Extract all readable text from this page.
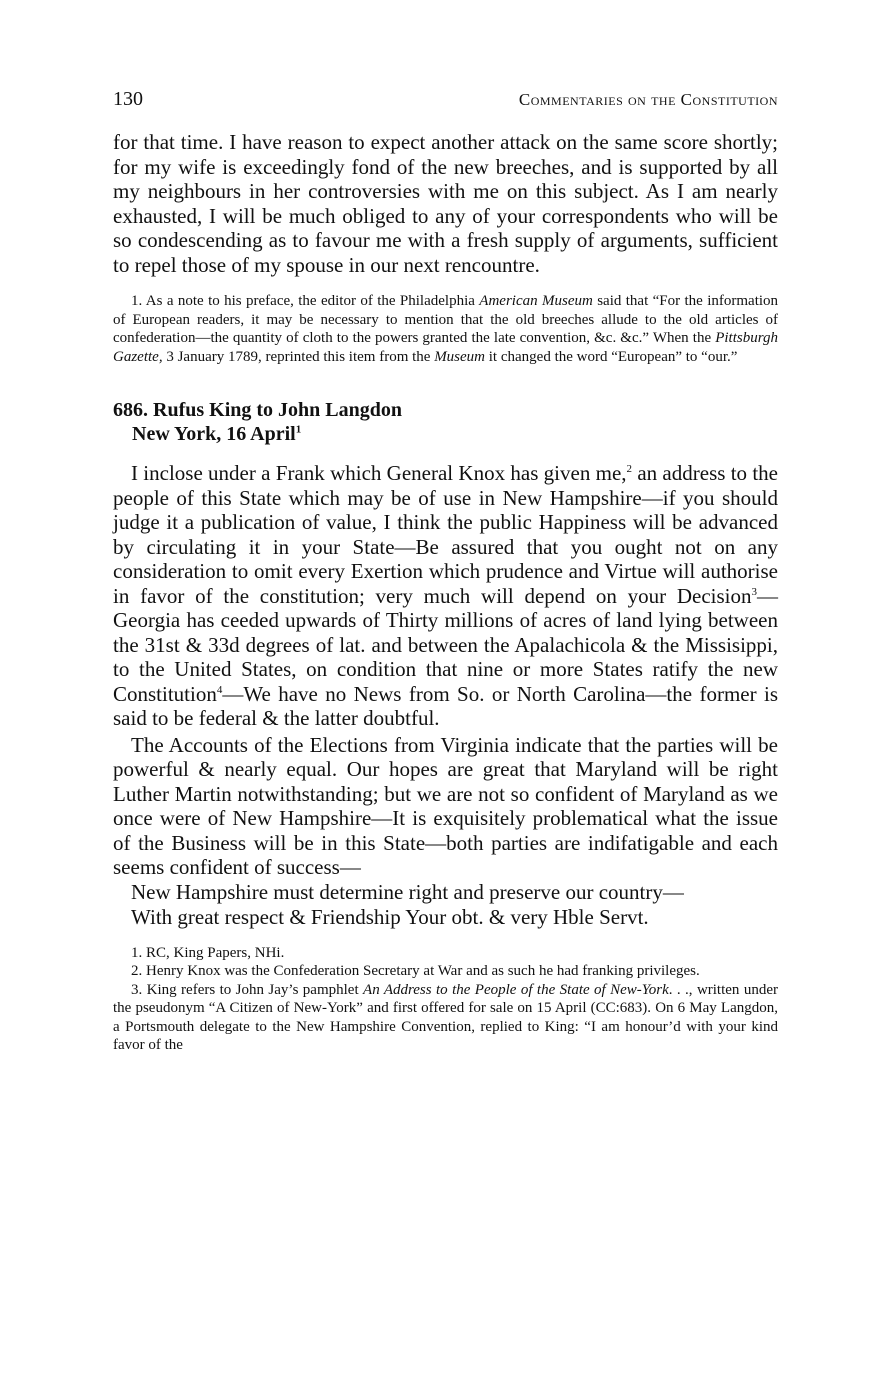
130	Commentaries on the Constitution

for that time. I have reason to expect another attack on the same score shortly; for my wife is exceedingly fond of the new breeches, and is supported by all my neighbours in her controversies with me on this subject. As I am nearly exhausted, I will be much obliged to any of your correspondents who will be so condescending as to favour me with a fresh supply of arguments, sufficient to repel those of my spouse in our next rencountre.

1. As a note to his preface, the editor of the Philadelphia American Museum said that “For the information of European readers, it may be necessary to mention that the old breeches allude to the old articles of confederation—the quantity of cloth to the powers granted the late convention, &c. &c.” When the Pittsburgh Gazette, 3 January 1789, reprinted this item from the Museum it changed the word “European” to “our.”

686. Rufus King to John Langdon
New York, 16 April$^1$

I inclose under a Frank which General Knox has given me,$^2$ an address to the people of this State which may be of use in New Hampshire—if you should judge it a publication of value, I think the public Happiness will be advanced by circulating it in your State—Be assured that you ought not on any consideration to omit every Exertion which prudence and Virtue will authorise in favor of the constitution; very much will depend on your Decision$^3$—Georgia has ceeded upwards of Thirty millions of acres of land lying between the 31st & 33d degrees of lat. and between the Apalachicola & the Missisippi, to the United States, on condition that nine or more States ratify the new Constitution$^4$—We have no News from So. or North Carolina—the former is said to be federal & the latter doubtful.

The Accounts of the Elections from Virginia indicate that the parties will be powerful & nearly equal. Our hopes are great that Maryland will be right Luther Martin notwithstanding; but we are not so confident of Maryland as we once were of New Hampshire—It is exquisitely problematical what the issue of the Business will be in this State—both parties are indifatigable and each seems confident of success—

New Hampshire must determine right and preserve our country—
With great respect & Friendship Your obt. & very Hble Servt.

1. RC, King Papers, NHi.

2. Henry Knox was the Confederation Secretary at War and as such he had franking privileges.

3. King refers to John Jay’s pamphlet An Address to the People of the State of New-York. . ., written under the pseudonym “A Citizen of New-York” and first offered for sale on 15 April (CC:683). On 6 May Langdon, a Portsmouth delegate to the New Hampshire Convention, replied to King: “I am honour’d with your kind favor of the
